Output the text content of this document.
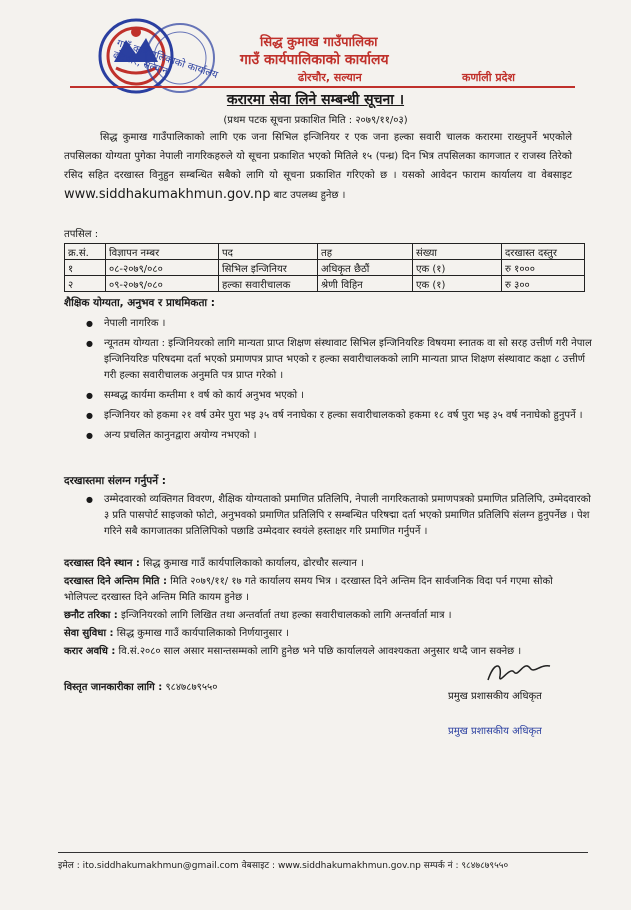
गाउँ कार्यपालिकाको कार्यालय ढोरचौर, सल्यान
सिद्ध कुमाख गाउँपालिका
गाउँ कार्यपालिकाको कार्यालय
ढोरचौर, सल्यान	कर्णाली प्रदेश
करारमा सेवा लिने सम्बन्धी सूचना ।
(प्रथम पटक सूचना प्रकाशित मिति : २०७९/११/०३)
सिद्ध कुमाख गाउँपालिकाको लागि एक जना सिभिल इन्जिनियर र एक जना हल्का सवारी चालक करारमा राख्नुपर्ने भएकोले तपसिलका योग्यता पुगेका नेपाली नागरिकहरुले यो सूचना प्रकाशित भएको मितिले १५ (पन्ध्र) दिन भित्र तपसिलका कागजात र राजस्व तिरेको रसिद सहित दरखास्त विनुहुन सम्बन्धित सबैको लागि यो सूचना प्रकाशित गरिएको छ । यसको आवेदन फाराम कार्यालय वा वेबसाइट www.siddhakumakhmun.gov.np बाट उपलब्ध हुनेछ ।
तपसिल :
क्र.सं.	विज्ञापन नम्बर	पद	तह	संख्या	दरखास्त दस्तुर
१	०८-२०७९/०८०	सिभिल इन्जिनियर	अधिकृत छैठौं	एक (१)	रु १०००
२	०९-२०७९/०८०	हल्का सवारीचालक	श्रेणी विहिन	एक (१)	रु ३००
शैक्षिक योग्यता, अनुभव र प्राथमिकता :
● नेपाली नागरिक ।
● न्यूनतम योग्यता : इन्जिनियरको लागि मान्यता प्राप्त शिक्षण संस्थावाट सिभिल इन्जिनियरिङ विषयमा स्नातक वा सो सरह उत्तीर्ण गरी नेपाल इन्जिनियरिङ परिषदमा दर्ता भएको प्रमाणपत्र प्राप्त भएको र हल्का सवारीचालकको लागि मान्यता प्राप्त शिक्षण संस्थावाट कक्षा ८ उत्तीर्ण गरी हल्का सवारीचालक अनुमति पत्र प्राप्त गरेको ।
● सम्बद्ध कार्यमा कम्तीमा १ वर्ष को कार्य अनुभव भएको ।
● इन्जिनियर को हकमा २१ वर्ष उमेर पुरा भइ ३५ वर्ष ननाघेका र हल्का सवारीचालकको हकमा १८ वर्ष पुरा भइ ३५ वर्ष ननाघेको हुनुपर्ने ।
● अन्य प्रचलित कानुनद्वारा अयोग्य नभएको ।
दरखास्तमा संलग्न गर्नुपर्ने :
● उम्मेदवारको व्यक्तिगत विवरण, शैक्षिक योग्यताको प्रमाणित प्रतिलिपि, नेपाली नागरिकताको प्रमाणपत्रको प्रमाणित प्रतिलिपि, उम्मेदवारको ३ प्रति पासपोर्ट साइजको फोटो, अनुभवको प्रमाणित प्रतिलिपि र सम्बन्धित परिषद्मा दर्ता भएको प्रमाणित प्रतिलिपि संलग्न हुनुपर्नेछ । पेश गरिने सबै कागजातका प्रतिलिपिको पछाडि उम्मेदवार स्वयंले हस्ताक्षर गरि प्रमाणित गर्नुपर्ने ।
दरखास्त दिने स्थान : सिद्ध कुमाख गाउँ कार्यपालिकाको कार्यालय, ढोरचौर सल्यान ।
दरखास्त दिने अन्तिम मिति : मिति २०७९/११/ १७ गते कार्यालय समय भित्र । दरखास्त दिने अन्तिम दिन सार्वजनिक विदा पर्न गएमा सोको भोलिपल्ट दरखास्त दिने अन्तिम मिति कायम हुनेछ ।
छनौट तरिका : इन्जिनियरको लागि लिखित तथा अन्तर्वार्ता तथा हल्का सवारीचालकको लागि अन्तर्वार्ता मात्र ।
सेवा सुविधा : सिद्ध कुमाख गाउँ कार्यपालिकाको निर्णयानुसार ।
करार अवधि : वि.सं.२०८० साल असार मसान्तसम्मको लागि हुनेछ भने पछि कार्यालयले आवश्यकता अनुसार थप्दै जान सक्नेछ ।
विस्तृत जानकारीका लागि : ९८४७८७९५५०
प्रमुख प्रशासकीय अधिकृत
प्रमुख प्रशासकीय अधिकृत
इमेल : ito.siddhakumakhmun@gmail.com वेबसाइट : www.siddhakumakhmun.gov.np सम्पर्क नं : ९८४७८७९५५०
